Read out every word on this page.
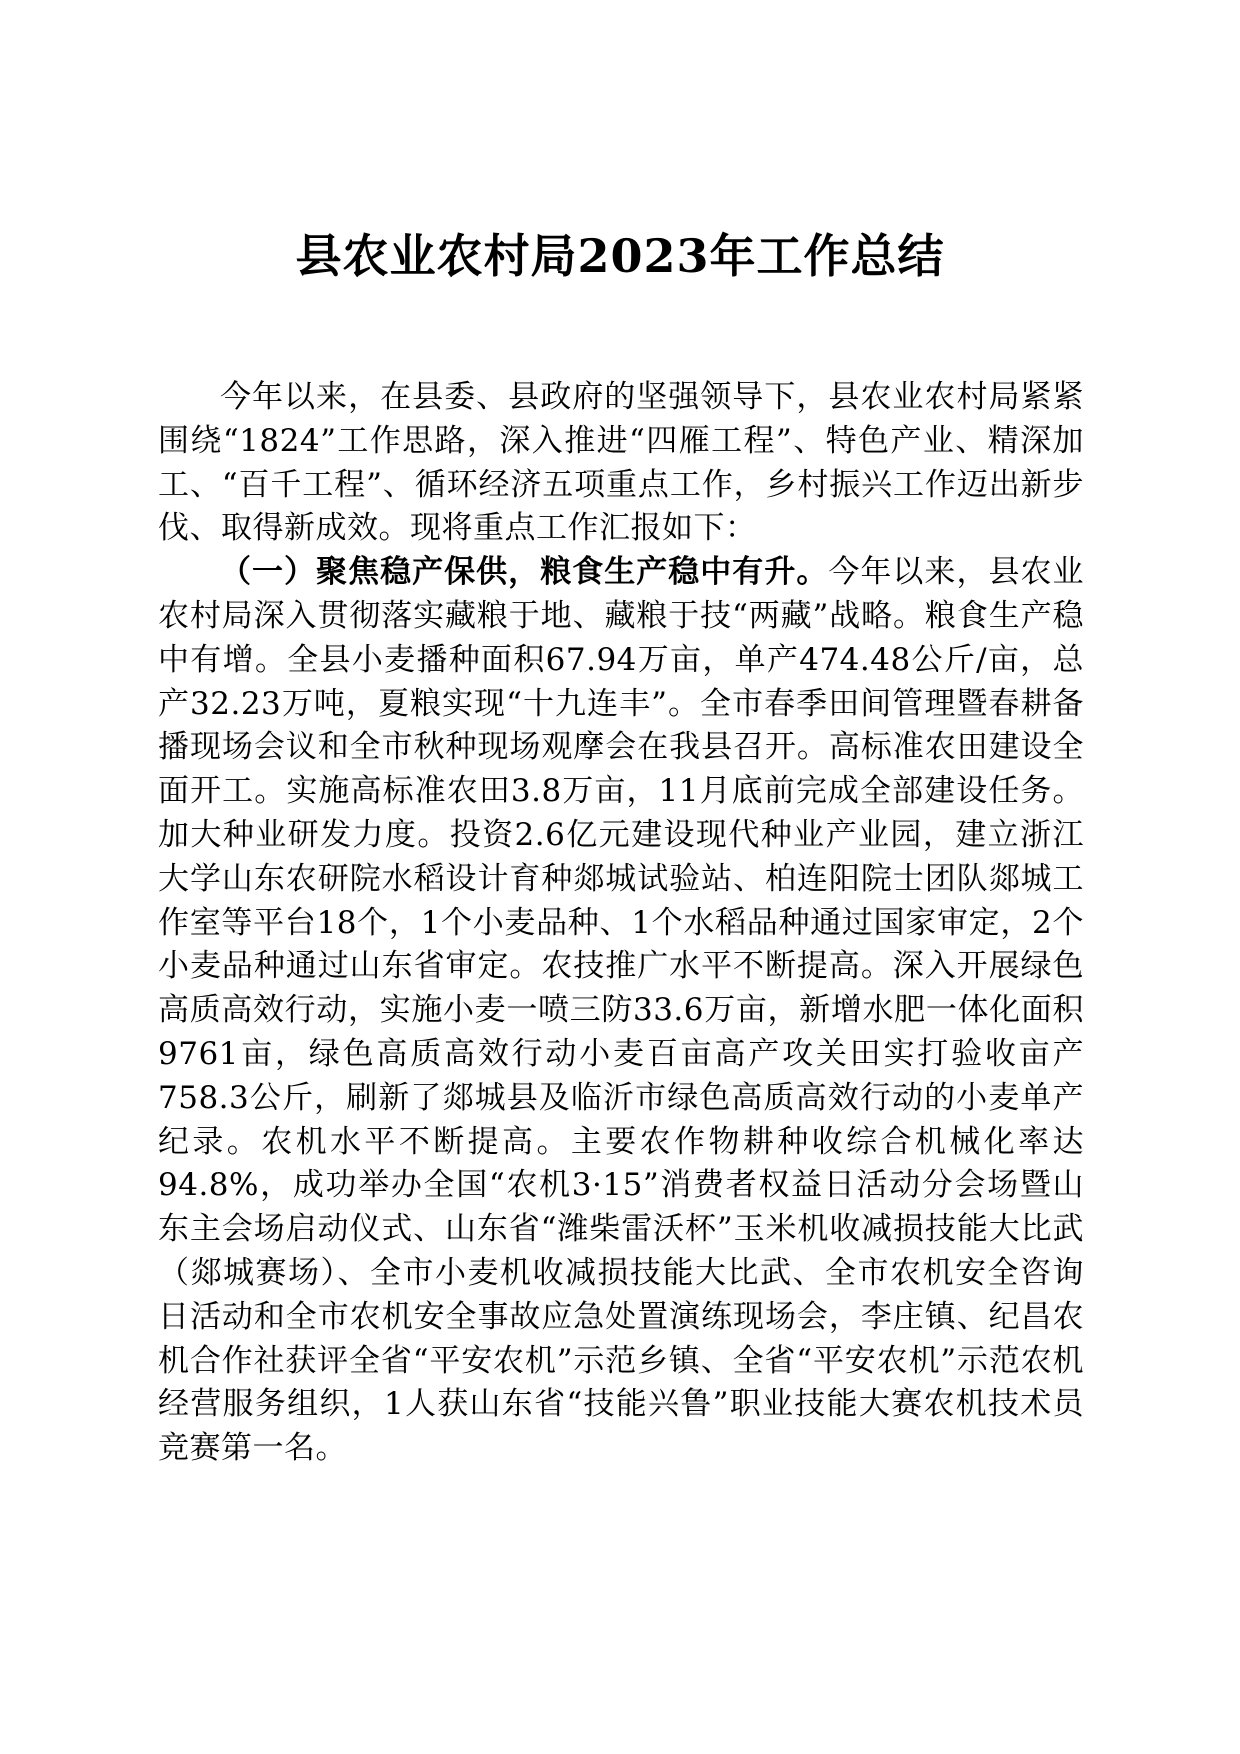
县农业农村局2023年工作总结

今年以来，在县委、县政府的坚强领导下，县农业农村局紧紧围绕“1824”工作思路，深入推进“四雁工程”、特色产业、精深加工、“百千工程”、循环经济五项重点工作，乡村振兴工作迈出新步伐、取得新成效。现将重点工作汇报如下：

（一）聚焦稳产保供，粮食生产稳中有升。今年以来，县农业农村局深入贯彻落实藏粮于地、藏粮于技“两藏”战略。粮食生产稳中有增。全县小麦播种面积67.94万亩，单产474.48公斤/亩，总产32.23万吨，夏粮实现“十九连丰”。全市春季田间管理暨春耕备播现场会议和全市秋种现场观摩会在我县召开。高标准农田建设全面开工。实施高标准农田3.8万亩，11月底前完成全部建设任务。加大种业研发力度。投资2.6亿元建设现代种业产业园，建立浙江大学山东农研院水稻设计育种郯城试验站、柏连阳院士团队郯城工作室等平台18个，1个小麦品种、1个水稻品种通过国家审定，2个小麦品种通过山东省审定。农技推广水平不断提高。深入开展绿色高质高效行动，实施小麦一喷三防33.6万亩，新增水肥一体化面积9761亩，绿色高质高效行动小麦百亩高产攻关田实打验收亩产758.3公斤，刷新了郯城县及临沂市绿色高质高效行动的小麦单产纪录。农机水平不断提高。主要农作物耕种收综合机械化率达94.8%，成功举办全国“农机3·15”消费者权益日活动分会场暨山东主会场启动仪式、山东省“潍柴雷沃杯”玉米机收减损技能大比武（郯城赛场）、全市小麦机收减损技能大比武、全市农机安全咨询日活动和全市农机安全事故应急处置演练现场会，李庄镇、纪昌农机合作社获评全省“平安农机”示范乡镇、全省“平安农机”示范农机经营服务组织，1人获山东省“技能兴鲁”职业技能大赛农机技术员竞赛第一名。
